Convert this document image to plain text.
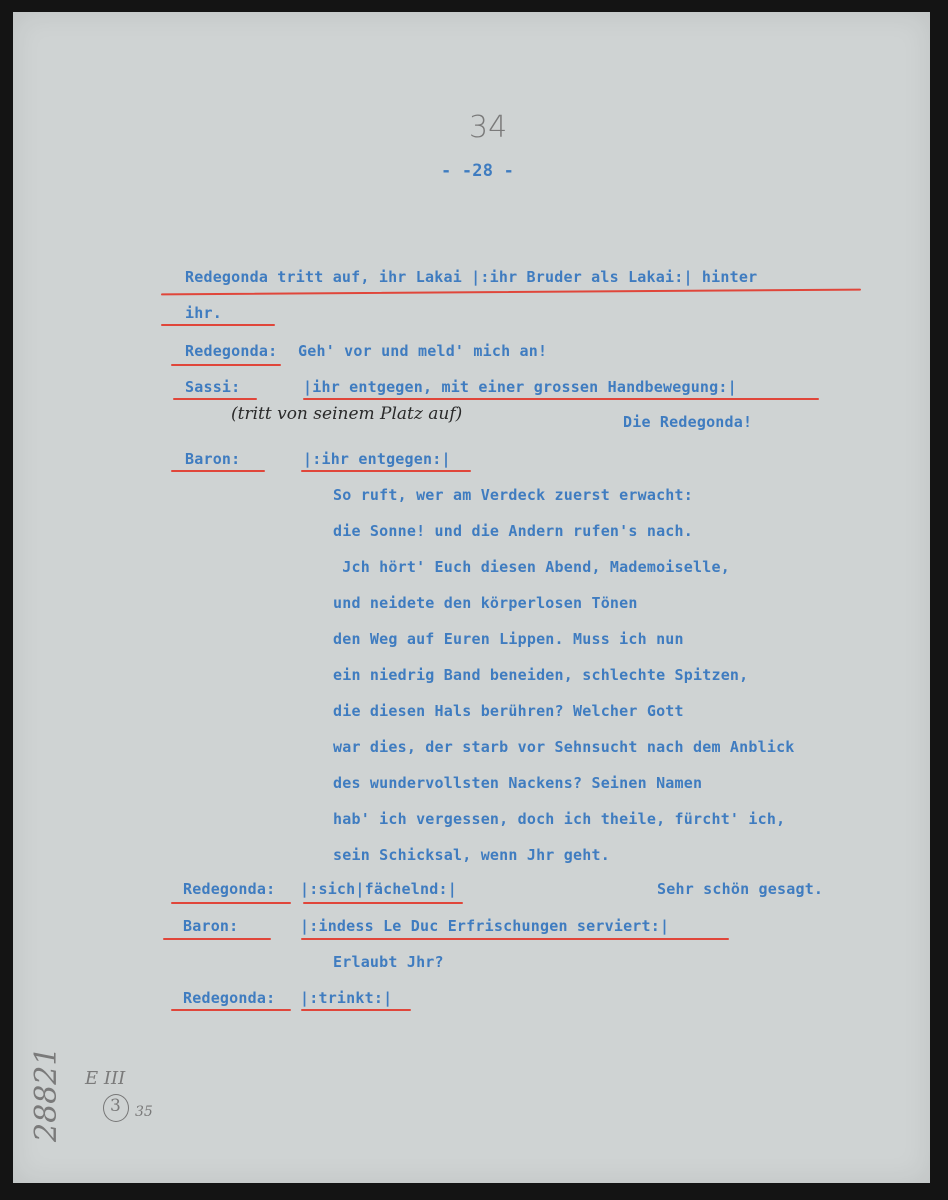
34
- -28 -
Redegonda tritt auf, ihr Lakai |:ihr Bruder als Lakai:| hinter
ihr.
Redegonda: Geh' vor und meld' mich an!
Sassi:	|ihr entgegen, mit einer grossen Handbewegung:|
(tritt von seinem Platz auf)	Die Redegonda!
Baron:	|:ihr entgegen:|
So ruft, wer am Verdeck zuerst erwacht:
die Sonne! und die Andern rufen's nach.
Jch hört' Euch diesen Abend, Mademoiselle,
und neidete den körperlosen Tönen
den Weg auf Euren Lippen. Muss ich nun
ein niedrig Band beneiden, schlechte Spitzen,
die diesen Hals berühren? Welcher Gott
war dies, der starb vor Sehnsucht nach dem Anblick
des wundervollsten Nackens? Seinen Namen
hab' ich vergessen, doch ich theile, fürcht' ich,
sein Schicksal, wenn Jhr geht.
Redegonda: |:sich|fächelnd:|	Sehr schön gesagt.
Baron:	|:indess Le Duc Erfrischungen serviert:|
Erlaubt Jhr?
Redegonda: |:trinkt:|
28821 E III
3 35
